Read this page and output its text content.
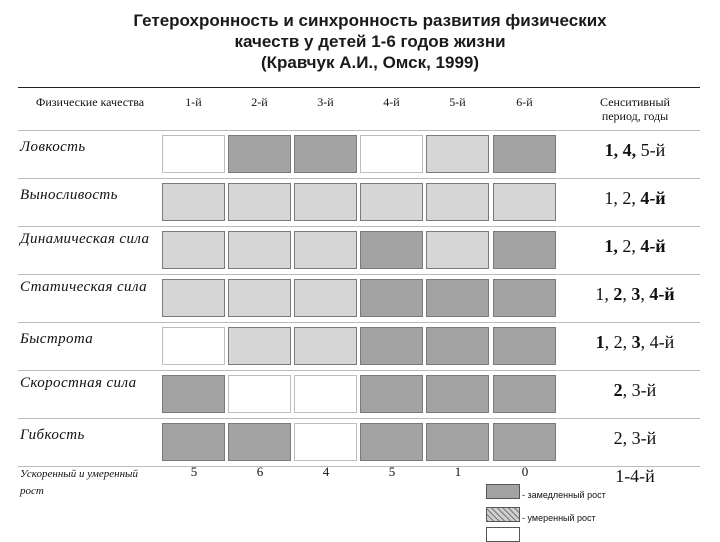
Гетерохронность и синхронность развития физических
качеств у детей 1-6 годов жизни
(Кравчук А.И., Омск, 1999)
Физические качества	Сенситивный период, годы
1-й	2-й	3-й	4-й	5-й	6-й
Ловкость	1, 4, 5-й
Выносливость	1, 2, 4-й
Динамическая сила	1, 2, 4-й
Статическая сила	1, 2, 3, 4-й
Быстрота	1, 2, 3, 4-й
Скоростная сила	2, 3-й
Гибкость	2, 3-й
Ускоренный и умеренный рост
5	6	4	5	1	0	1-4-й
- замедленный рост
- умеренный рост
